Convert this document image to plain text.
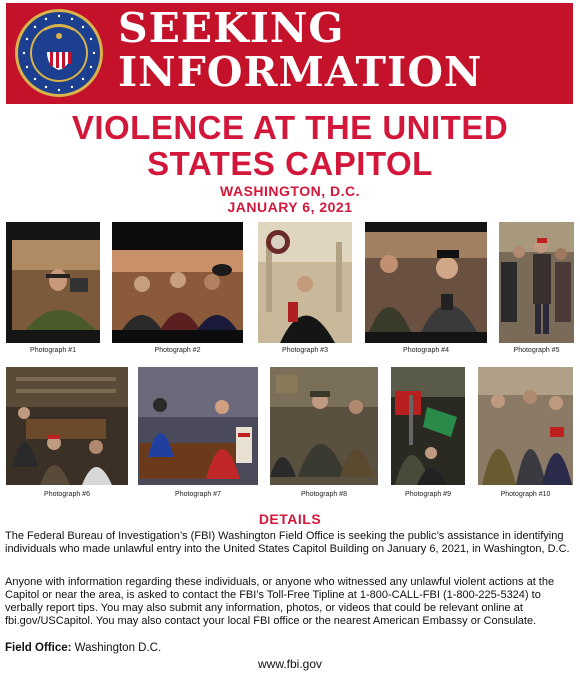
SEEKING
INFORMATION
VIOLENCE AT THE UNITED
STATES CAPITOL
WASHINGTON, D.C.
JANUARY 6, 2021
Photograph #1	Photograph #2	Photograph #3	Photograph #4	Photograph #5
Photograph #6	Photograph #7	Photograph #8	Photograph #9	Photograph #10
DETAILS
The Federal Bureau of Investigation’s (FBI) Washington Field Office is seeking the public’s assistance in identifying individuals who made unlawful entry into the United States Capitol Building on January 6, 2021, in Washington, D.C.
Anyone with information regarding these individuals, or anyone who witnessed any unlawful violent actions at the Capitol or near the area, is asked to contact the FBI’s Toll-Free Tipline at 1-800-CALL-FBI (1-800-225-5324) to verbally report tips. You may also submit any information, photos, or videos that could be relevant online at fbi.gov/USCapitol. You may also contact your local FBI office or the nearest American Embassy or Consulate.
Field Office: Washington D.C.
www.fbi.gov
